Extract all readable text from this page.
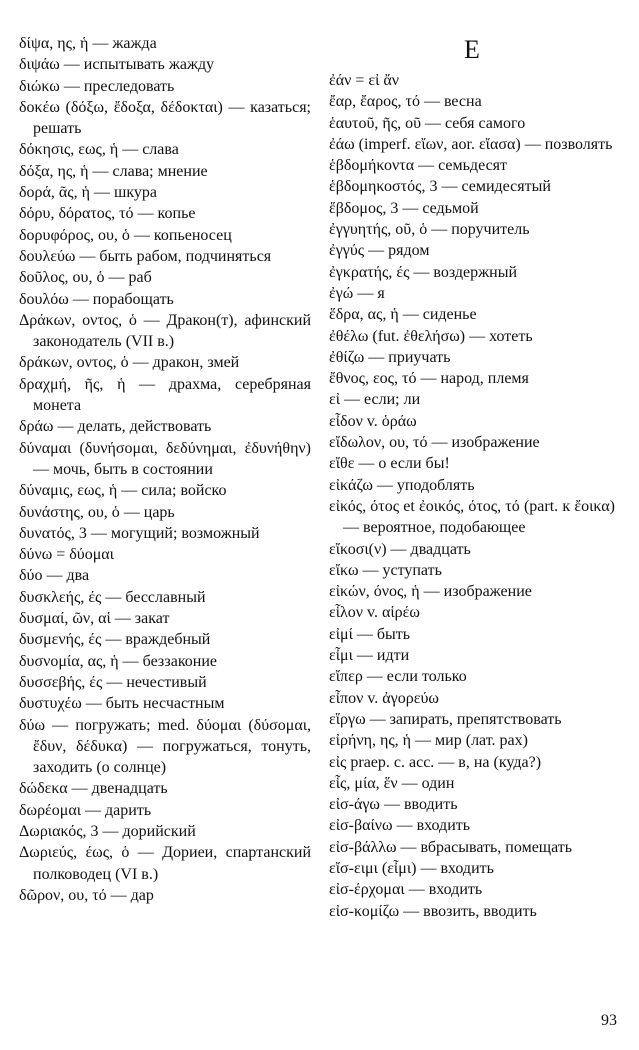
δίψα, ης, ἡ — жажда

διψάω — испытывать жажду

διώκω — преследовать

δοκέω (δόξω, ἔδοξα, δέδοκται) — казаться; решать

δόκησις, εως, ἡ — слава

δόξα, ης, ἡ — слава; мнение

δορά, ᾶς, ἡ — шкура

δόρυ, δόρατος, τό — копье

δορυφόρος, ου, ὁ — копьеносец

δουλεύω — быть рабом, подчиняться

δοῦλος, ου, ὁ — раб

δουλόω — порабощать

Δράκων, οντος, ὁ — Дракон(т), афинский законодатель (VII в.)

δράκων, οντος, ὁ — дракон, змей

δραχμή, ῆς, ἡ — драхма, серебряная монета

δράω — делать, действовать

δύναμαι (δυνήσομαι, δεδύνημαι, ἐδυνήθην) — мочь, быть в состоянии

δύναμις, εως, ἡ — сила; войско

δυνάστης, ου, ὁ — царь

δυνατός, 3 — могущий; возможный

δύνω = δύομαι

δύο — два

δυσκλεής, ές — бесславный

δυσμαί, ῶν, αἱ — закат

δυσμενής, ές — враждебный

δυσνομία, ας, ἡ — беззаконие

δυσσεβής, ές — нечестивый

δυστυχέω — быть несчастным

δύω — погружать; med. δύομαι (δύσομαι, ἔδυν, δέδυκα) — погружаться, тонуть, заходить (о солнце)

δώδεκα — двенадцать

δωρέομαι — дарить

Δωριακός, 3 — дорийский

Δωριεύς, έως, ὁ — Дориеи, спартанский полководец (VI в.)

δῶρον, ου, τό — дар

E

ἐάν = εἰ ἄν

ἔαρ, ἔαρος, τό — весна

ἑαυτοῦ, ῆς, οῦ — себя самого

ἐάω (imperf. εἴων, aor. εἴασα) — позволять

ἑβδομήκοντα — семьдесят

ἑβδομηκοστός, 3 — семидесятый

ἕβδομος, 3 — седьмой

ἐγγυητής, οῦ, ὁ — поручитель

ἐγγύς — рядом

ἐγκρατής, ές — воздержный

ἐγώ — я

ἕδρα, ας, ἡ — сиденье

ἐθέλω (fut. ἐθελήσω) — хотеть

ἐθίζω — приучать

ἔθνος, εος, τό — народ, племя

εἰ — если; ли

εἶδον v. ὁράω

εἴδωλον, ου, τό — изображение

εἴθε — о если бы!

εἰκάζω — уподоблять

εἰκός, ότος et ἐοικός, ότος, τό (part. к ἔοικα) — вероятное, подобающее

εἴκοσι(ν) — двадцать

εἴκω — уступать

εἰκών, όνος, ἡ — изображение

εἷλον v. αἱρέω

εἰμί — быть

εἶμι — идти

εἴπερ — если только

εἶπον v. ἀγορεύω

εἵργω — запирать, препятствовать

εἰρήνη, ης, ἡ — мир (лат. pax)

εἰς praep. c. acc. — в, на (куда?)

εἷς, μία, ἕν — один

εἰσ-άγω — вводить

εἰσ-βαίνω — входить

εἰσ-βάλλω — вбрасывать, помещать

εἴσ-ειμι (εἶμι) — входить

εἰσ-έρχομαι — входить

εἰσ-κομίζω — ввозить, вводить

93
